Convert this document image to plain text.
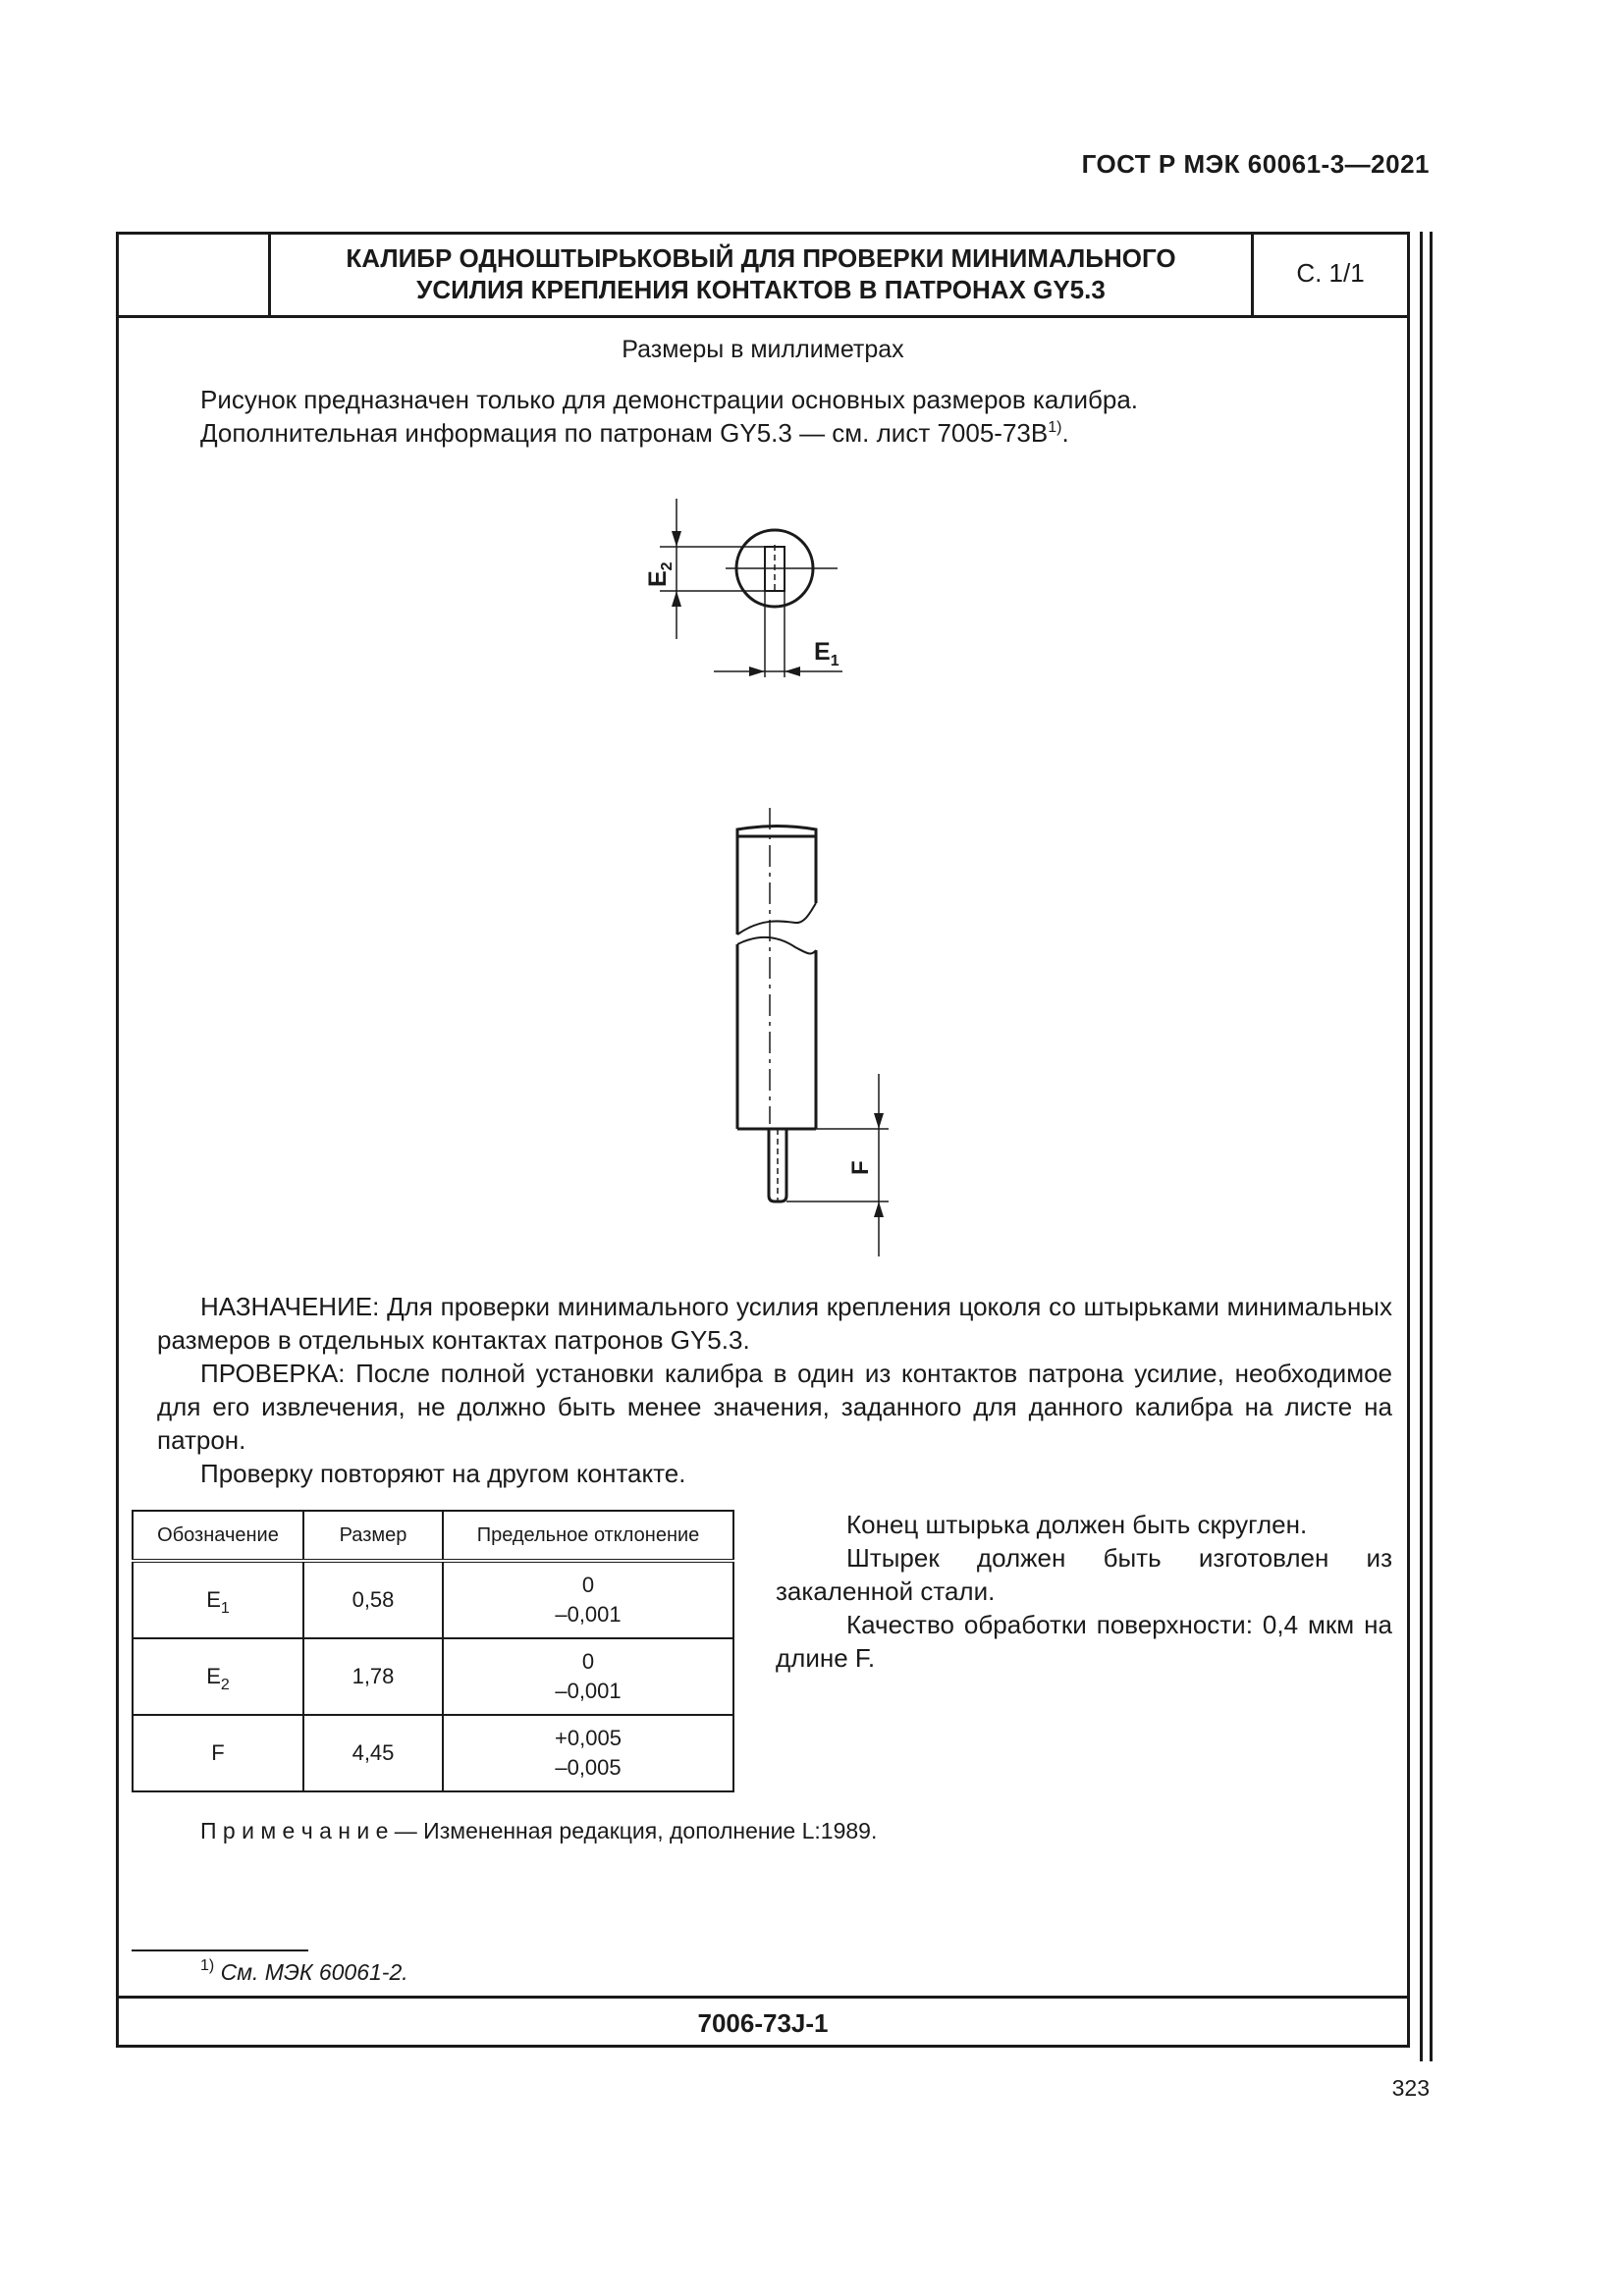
ГОСТ Р МЭК 60061-3—2021
КАЛИБР ОДНОШТЫРЬКОВЫЙ ДЛЯ ПРОВЕРКИ МИНИМАЛЬНОГО
УСИЛИЯ КРЕПЛЕНИЯ КОНТАКТОВ В ПАТРОНАХ GY5.3
С. 1/1
Размеры в миллиметрах
Рисунок предназначен только для демонстрации основных размеров калибра.
Дополнительная информация по патронам GY5.3 — см. лист $7005-73B^{1)}$.
$E_2$
$E_1$
F

НАЗНАЧЕНИЕ: Для проверки минимального усилия крепления цоколя со штырьками минимальных размеров в отдельных контактах патронов GY5.3.

ПРОВЕРКА: После полной установки калибра в один из контактов патрона усилие, необходимое для его извлечения, не должно быть менее значения, заданного для данного калибра на листе на патрон.

Проверку повторяют на другом контакте.

Обозначение	Размер	Предельное отклонение
$E_1$	0,58	0
–0,001

$E_2$	1,78	0
–0,001

F	4,45	+0,005
–0,005

Конец штырька должен быть скруглен.

Штырек должен быть изготовлен из закаленной стали.

Качество обработки поверхности: 0,4 мкм на длине F.

П р и м е ч а н и е — Измененная редакция, дополнение L:1989.
$^{1)}$ См. МЭК 60061-2.
7006-73J-1
323
